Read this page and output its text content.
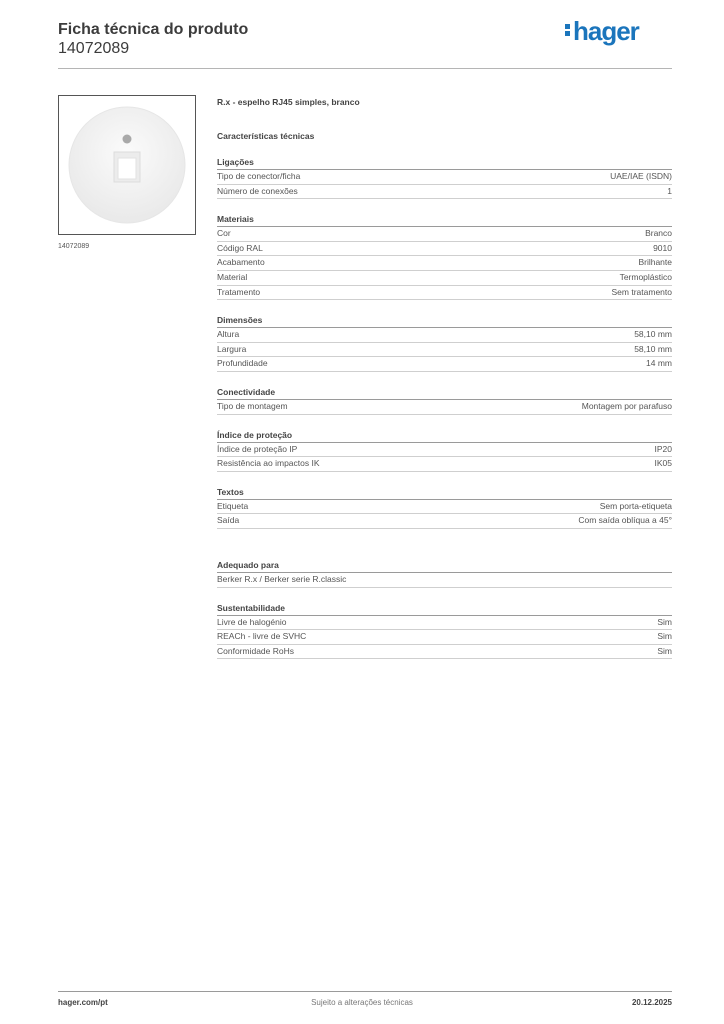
Ficha técnica do produto
14072089
hager
14072089
R.x - espelho RJ45 simples, branco
Características técnicas
Ligações
Tipo de conector/ficha	UAE/IAE (ISDN)
Número de conexões	1
Materiais
Cor	Branco
Código RAL	9010
Acabamento	Brilhante
Material	Termoplástico
Tratamento	Sem tratamento
Dimensões
Altura	58,10 mm
Largura	58,10 mm
Profundidade	14 mm
Conectividade
Tipo de montagem	Montagem por parafuso
Índice de proteção
Índice de proteção IP	IP20
Resistência ao impactos IK	IK05
Textos
Etiqueta	Sem porta-etiqueta
Saída	Com saída oblíqua a 45°
Adequado para
Berker R.x / Berker serie R.classic
Sustentabilidade
Livre de halogénio	Sim
REACh - livre de SVHC	Sim
Conformidade RoHs	Sim
hager.com/pt	Sujeito a alterações técnicas	20.12.2025
